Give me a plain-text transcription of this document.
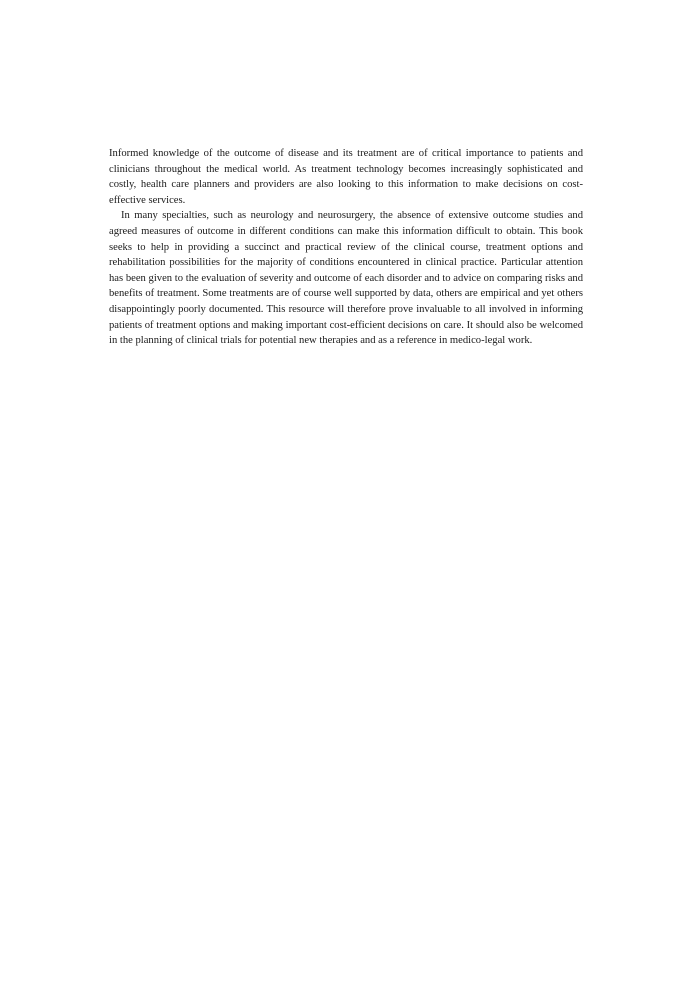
Informed knowledge of the outcome of disease and its treatment are of critical importance to patients and clinicians throughout the medical world. As treatment technology becomes increasingly sophisticated and costly, health care planners and providers are also looking to this information to make decisions on cost-effective services.

In many specialties, such as neurology and neurosurgery, the absence of extensive outcome studies and agreed measures of outcome in different conditions can make this information difficult to obtain. This book seeks to help in providing a succinct and practical review of the clinical course, treatment options and rehabilitation possibilities for the majority of conditions encountered in clinical practice. Particular attention has been given to the evaluation of severity and outcome of each disorder and to advice on comparing risks and benefits of treatment. Some treatments are of course well supported by data, others are empirical and yet others disappointingly poorly documented. This resource will therefore prove invaluable to all involved in informing patients of treatment options and making important cost-efficient decisions on care. It should also be welcomed in the planning of clinical trials for potential new therapies and as a reference in medico-legal work.
